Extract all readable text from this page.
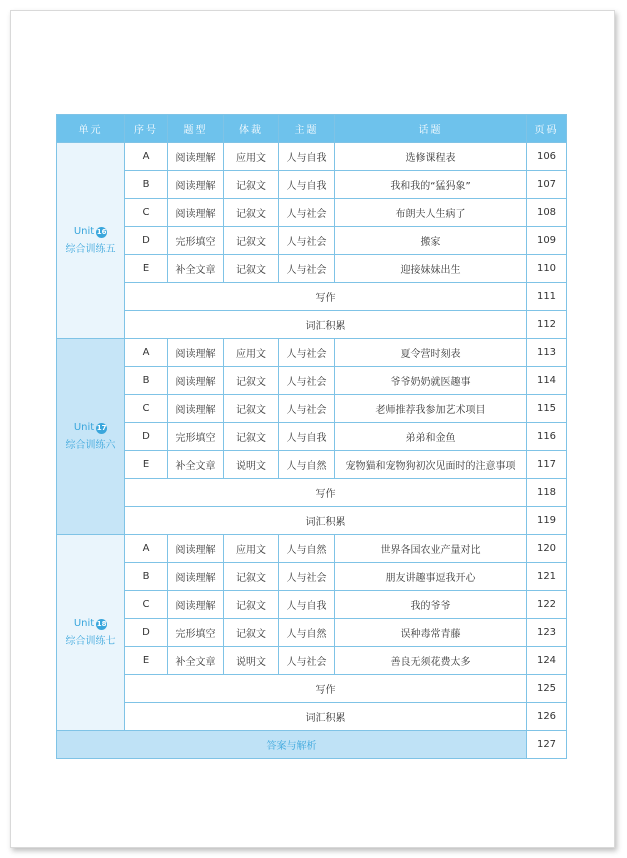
单元	序号	题型	体裁	主题	话题	页码

Unit 16
综合训练五	A	阅读理解	应用文	人与自我	选修课程表	106
	B	阅读理解	记叙文	人与自我	我和我的“猛犸象”	107
	C	阅读理解	记叙文	人与社会	布朗夫人生病了	108
	D	完形填空	记叙文	人与社会	搬家	109
	E	补全文章	记叙文	人与社会	迎接妹妹出生	110
	写作					111
	词汇积累					112

Unit 17
综合训练六	A	阅读理解	应用文	人与社会	夏令营时刻表	113
	B	阅读理解	记叙文	人与社会	爷爷奶奶就医趣事	114
	C	阅读理解	记叙文	人与社会	老师推荐我参加艺术项目	115
	D	完形填空	记叙文	人与自我	弟弟和金鱼	116
	E	补全文章	说明文	人与自然	宠物猫和宠物狗初次见面时的注意事项	117
	写作					118
	词汇积累					119

Unit 18
综合训练七	A	阅读理解	应用文	人与自然	世界各国农业产量对比	120
	B	阅读理解	记叙文	人与社会	朋友讲趣事逗我开心	121
	C	阅读理解	记叙文	人与自我	我的爷爷	122
	D	完形填空	记叙文	人与自然	误种毒常青藤	123
	E	补全文章	说明文	人与社会	善良无须花费太多	124
	写作					125
	词汇积累					126
答案与解析						127
